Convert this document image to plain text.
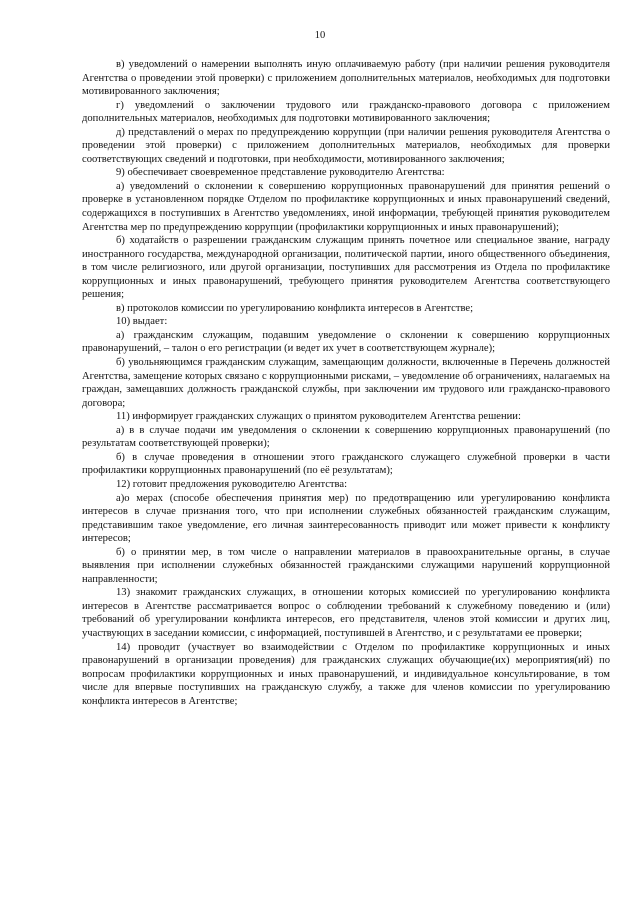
10

в) уведомлений о намерении выполнять иную оплачиваемую работу (при наличии решения руководителя Агентства о проведении этой проверки) с приложением дополнительных материалов, необходимых для подготовки мотивированного заключения;

г) уведомлений о заключении трудового или гражданско-правового договора с приложением дополнительных материалов, необходимых для подготовки мотивированного заключения;

д) представлений о мерах по предупреждению коррупции (при наличии решения руководителя Агентства о проведении этой проверки) с приложением дополнительных материалов, необходимых для проверки соответствующих сведений и подготовки, при необходимости, мотивированного заключения;

9) обеспечивает своевременное представление руководителю Агентства:

а) уведомлений о склонении к совершению коррупционных правонарушений для принятия решений о проверке в установленном порядке Отделом по профилактике коррупционных и иных правонарушений сведений, содержащихся в поступивших в Агентство уведомлениях, иной информации, требующей принятия руководителем Агентства мер по предупреждению коррупции (профилактики коррупционных и иных правонарушений);

б) ходатайств о разрешении гражданским служащим принять почетное или специальное звание, награду иностранного государства, международной организации, политической партии, иного общественного объединения, в том числе религиозного, или другой организации, поступивших для рассмотрения из Отдела по профилактике коррупционных и иных правонарушений, требующего принятия руководителем Агентства соответствующего решения;

в) протоколов комиссии по урегулированию конфликта интересов в Агентстве;

10) выдает:

а) гражданским служащим, подавшим уведомление о склонении к совершению коррупционных правонарушений, – талон о его регистрации (и ведет их учет в соответствующем журнале);

б) увольняющимся гражданским служащим, замещающим должности, включенные в Перечень должностей Агентства, замещение которых связано с коррупционными рисками, – уведомление об ограничениях, налагаемых на граждан, замещавших должность гражданской службы, при заключении им трудового или гражданско-правового договора;

11) информирует гражданских служащих о принятом руководителем Агентства решении:

а) в в случае подачи им уведомления о склонении к совершению коррупционных правонарушений (по результатам соответствующей проверки);

б) в случае проведения в отношении этого гражданского служащего служебной проверки в части профилактики коррупционных правонарушений (по её результатам);

12) готовит предложения руководителю Агентства:

а)о мерах (способе обеспечения принятия мер) по предотвращению или урегулированию конфликта интересов в случае признания того, что при исполнении служебных обязанностей гражданским служащим, представившим такое уведомление, его личная заинтересованность приводит или может привести к конфликту интересов;

б) о принятии мер, в том числе о направлении материалов в правоохранительные органы, в случае выявления при исполнении служебных обязанностей гражданскими служащими нарушений коррупционной направленности;

13) знакомит гражданских служащих, в отношении которых комиссией по урегулированию конфликта интересов в Агентстве рассматривается вопрос о соблюдении требований к служебному поведению и (или) требований об урегулировании конфликта интересов, его представителя, членов этой комиссии и других лиц, участвующих в заседании комиссии, с информацией, поступившей в Агентство, и с результатами ее проверки;

14) проводит (участвует во взаимодействии с Отделом по профилактике коррупционных и иных правонарушений в организации проведения) для гражданских служащих обучающие(их) мероприятия(ий) по вопросам профилактики коррупционных и иных правонарушений, и индивидуальное консультирование, в том числе для впервые поступивших на гражданскую службу, а также для членов комиссии по урегулированию конфликта интересов в Агентстве;
